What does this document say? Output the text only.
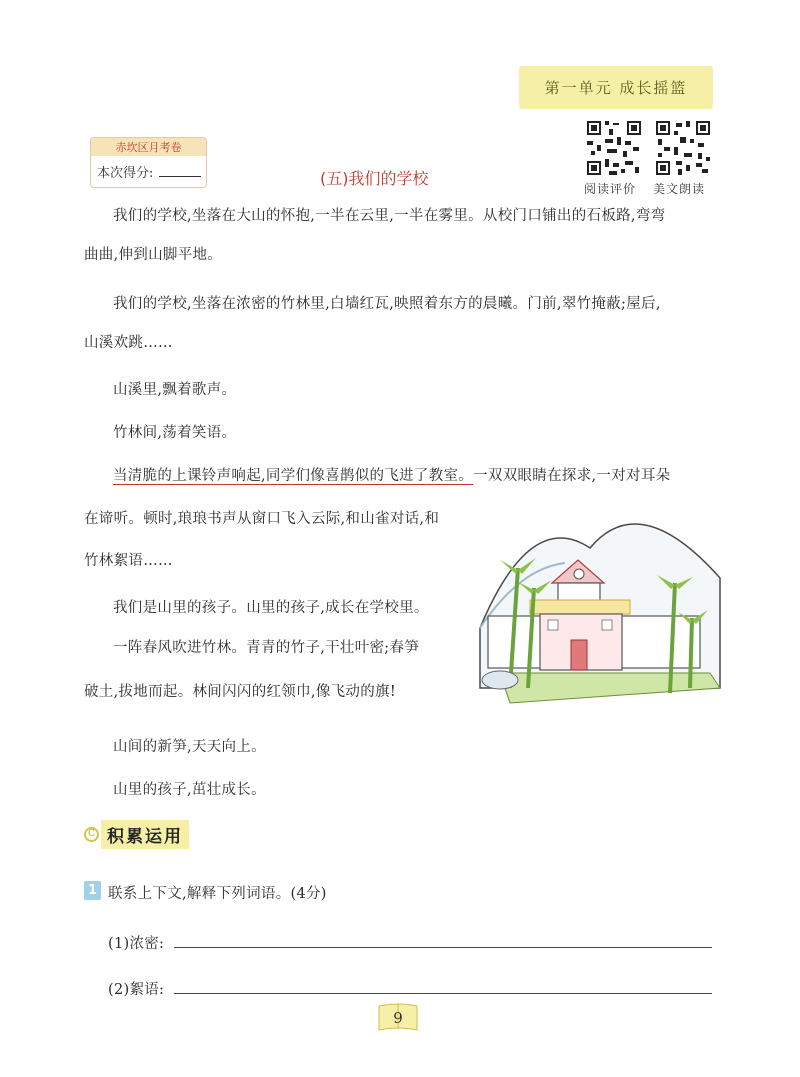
第一单元 成长摇篮
赤坎区月考卷
本次得分:
阅读评价 美文朗读
(五)我们的学校
我们的学校,坐落在大山的怀抱,一半在云里,一半在雾里。从校门口铺出的石板路,弯弯
曲曲,伸到山脚平地。
我们的学校,坐落在浓密的竹林里,白墙红瓦,映照着东方的晨曦。门前,翠竹掩蔽;屋后,
山溪欢跳……
山溪里,飘着歌声。
竹林间,荡着笑语。
当清脆的上课铃声响起,同学们像喜鹊似的飞进了教室。一双双眼睛在探求,一对对耳朵
在谛听。顿时,琅琅书声从窗口飞入云际,和山雀对话,和
竹林絮语……
我们是山里的孩子。山里的孩子,成长在学校里。
一阵春风吹进竹林。青青的竹子,干壮叶密;春笋
破土,拔地而起。林间闪闪的红领巾,像飞动的旗!
山间的新笋,天天向上。
山里的孩子,茁壮成长。
C 积累运用
1 联系上下文,解释下列词语。(4分)
(1)浓密:
(2)絮语:
9
